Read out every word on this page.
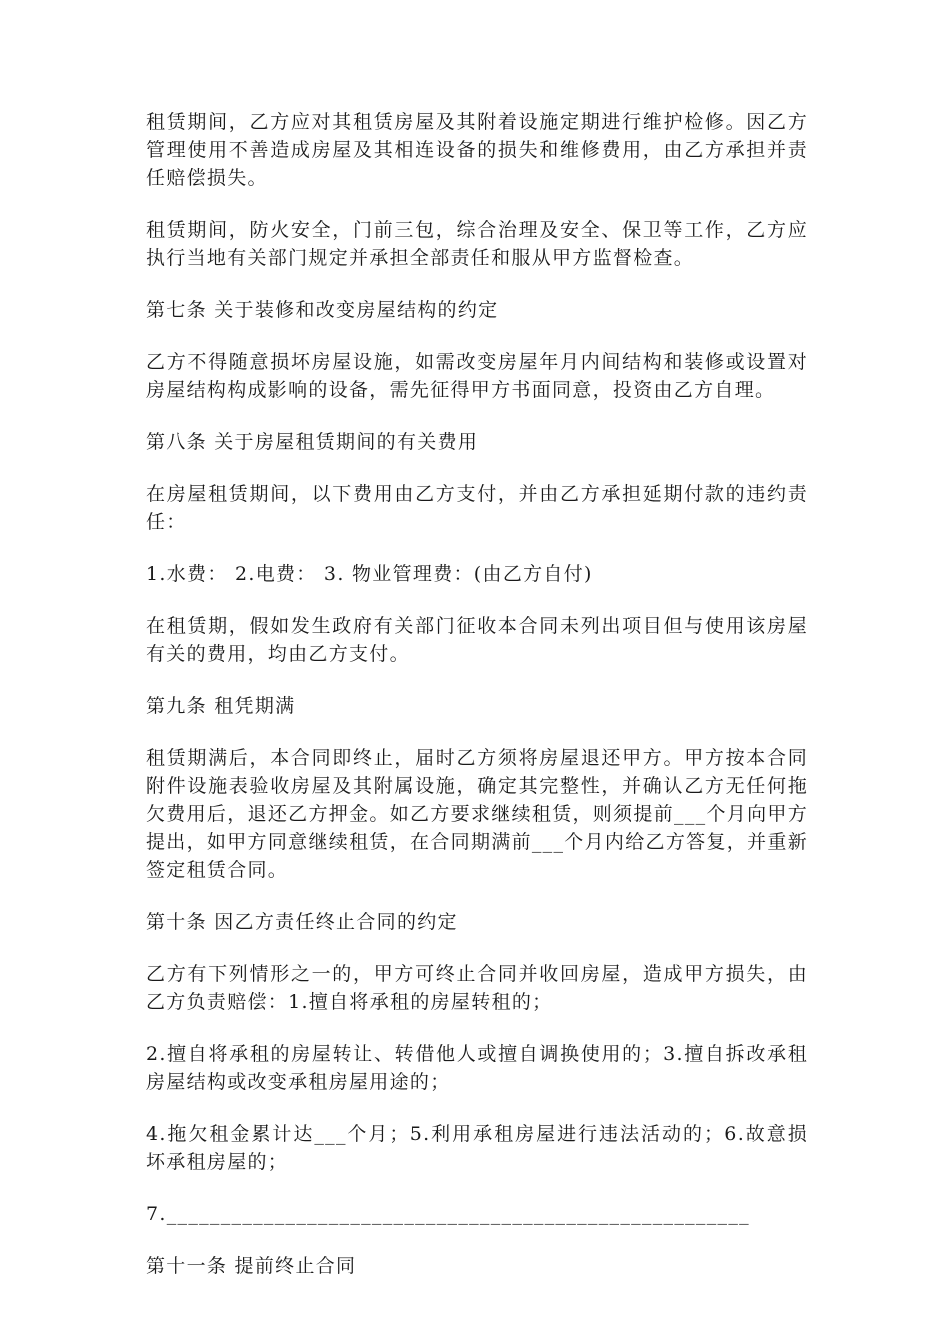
租赁期间，乙方应对其租赁房屋及其附着设施定期进行维护检修。因乙方管理使用不善造成房屋及其相连设备的损失和维修费用，由乙方承担并责任赔偿损失。

租赁期间，防火安全，门前三包，综合治理及安全、保卫等工作，乙方应执行当地有关部门规定并承担全部责任和服从甲方监督检查。

第七条 关于装修和改变房屋结构的约定

乙方不得随意损坏房屋设施，如需改变房屋年月内间结构和装修或设置对房屋结构构成影响的设备，需先征得甲方书面同意，投资由乙方自理。

第八条 关于房屋租赁期间的有关费用

在房屋租赁期间，以下费用由乙方支付，并由乙方承担延期付款的违约责任：

1.水费： 2.电费： 3. 物业管理费：(由乙方自付)

在租赁期，假如发生政府有关部门征收本合同未列出项目但与使用该房屋有关的费用，均由乙方支付。

第九条 租凭期满

租赁期满后，本合同即终止，届时乙方须将房屋退还甲方。甲方按本合同附件设施表验收房屋及其附属设施，确定其完整性，并确认乙方无任何拖欠费用后，退还乙方押金。如乙方要求继续租赁，则须提前___个月向甲方提出，如甲方同意继续租赁，在合同期满前___个月内给乙方答复，并重新签定租赁合同。

第十条 因乙方责任终止合同的约定

乙方有下列情形之一的，甲方可终止合同并收回房屋，造成甲方损失，由乙方负责赔偿：1.擅自将承租的房屋转租的；

2.擅自将承租的房屋转让、转借他人或擅自调换使用的；3.擅自拆改承租房屋结构或改变承租房屋用途的；

4.拖欠租金累计达___个月；5.利用承租房屋进行违法活动的；6.故意损坏承租房屋的；

7.______________________________________________________

第十一条 提前终止合同
